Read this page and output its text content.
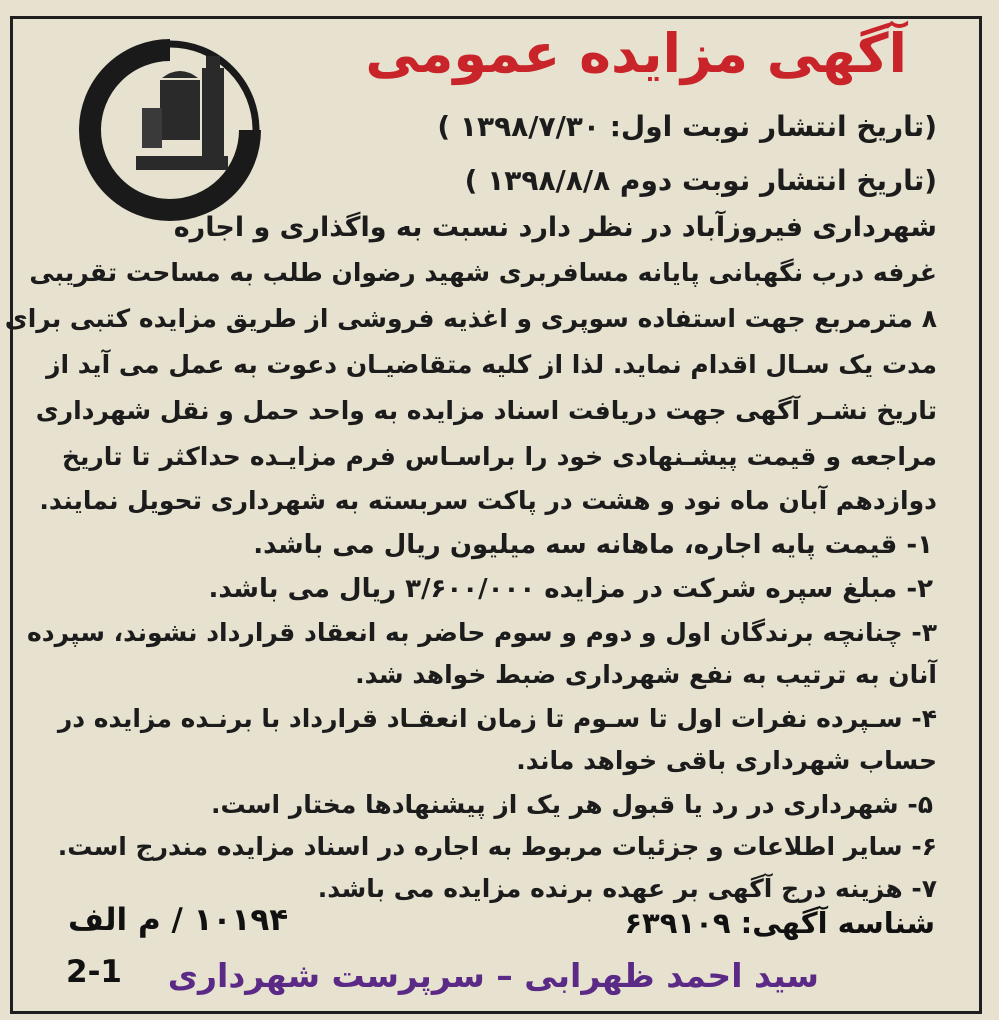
آگهی مزایده عمومی
(تاریخ انتشار نوبت اول: ۱۳۹۸/۷/۳۰ )
(تاریخ انتشار نوبت دوم ۱۳۹۸/۸/۸ )
شهرداری فیروزآباد در نظر دارد نسبت به واگذاری و اجاره
غرفه درب نگهبانی پایانه مسافربری شهید رضوان طلب به مساحت تقریبی
۸ مترمربع جهت استفاده سوپری و اغذیه فروشی از طریق مزایده کتبی برای
مدت یک سـال اقدام نماید. لذا از کلیه متقاضیـان دعوت به عمل می آید از
تاریخ نشـر آگهی جهت دریافت اسناد مزایده به واحد حمل و نقل شهرداری
مراجعه و قیمت پیشـنهادی خود را براسـاس فرم مزایـده حداکثر تا تاریخ
دوازدهم آبان ماه نود و هشت در پاکت سربسته به شهرداری تحویل نمایند.
۱- قیمت پایه اجاره، ماهانه سه میلیون ریال می باشد.
۲- مبلغ سپره شرکت در مزایده ۳/۶۰۰/۰۰۰ ریال می باشد.
۳- چنانچه برندگان اول و دوم و سوم حاضر به انعقاد قرارداد نشوند، سپرده
آنان به ترتیب به نفع شهرداری ضبط خواهد شد.
۴- سـپرده نفرات اول تا سـوم تا زمان انعقـاد قرارداد با برنـده مزایده در
حساب شهرداری باقی خواهد ماند.
۵- شهرداری در رد یا قبول هر یک از پیشنهادها مختار است.
۶- سایر اطلاعات و جزئیات مربوط به اجاره در اسناد مزایده مندرج است.
۷- هزینه درج آگهی بر عهده برنده مزایده می باشد.
شناسه آگهی: ۶۳۹۱۰۹
۱۰۱۹۴ / م الف
2-1 سید احمد ظهرابی – سرپرست شهرداری
